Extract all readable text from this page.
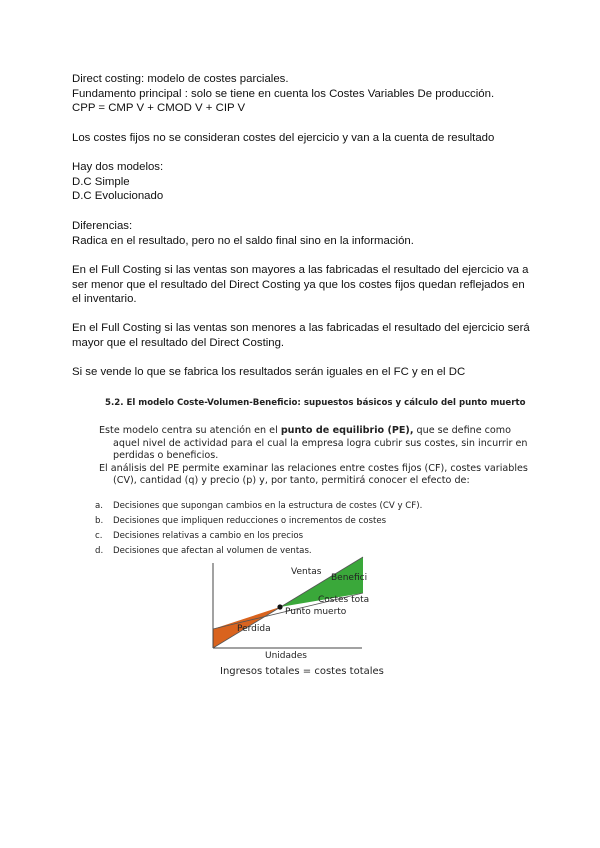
Direct costing: modelo de costes parciales.
Fundamento principal : solo se tiene en cuenta los Costes Variables De producción.
CPP = CMP V + CMOD V + CIP V
Los costes fijos no se consideran costes del ejercicio y van a la cuenta de resultado
Hay dos modelos:
D.C Simple
D.C Evolucionado
Diferencias:
Radica en el resultado, pero no el saldo final sino en la información.
En el Full Costing si las ventas son mayores a las fabricadas el resultado del ejercicio va a
ser menor que el resultado del Direct Costing ya que los costes fijos quedan reflejados en
el inventario.
En el Full Costing si las ventas son menores a las fabricadas el resultado del ejercicio será
mayor que el resultado del Direct Costing.
Si se vende lo que se fabrica los resultados serán iguales en el FC y en el DC
5.2. El modelo Coste-Volumen-Beneficio: supuestos básicos y cálculo del punto muerto
Este modelo centra su atención en el punto de equilibrio (PE), que se define como
aquel nivel de actividad para el cual la empresa logra cubrir sus costes, sin incurrir en
perdidas o beneficios.
El análisis del PE permite examinar las relaciones entre costes fijos (CF), costes variables
(CV), cantidad (q) y precio (p) y, por tanto, permitirá conocer el efecto de:
a.	Decisiones que supongan cambios en la estructura de costes (CV y CF).
b.	Decisiones que impliquen reducciones o incrementos de costes
c.	Decisiones relativas a cambio en los precios
d.	Decisiones que afectan al volumen de ventas.
Ventas
Benefici
Costes tota
Punto muerto
Perdida
Unidades
Ingresos totales = costes totales
